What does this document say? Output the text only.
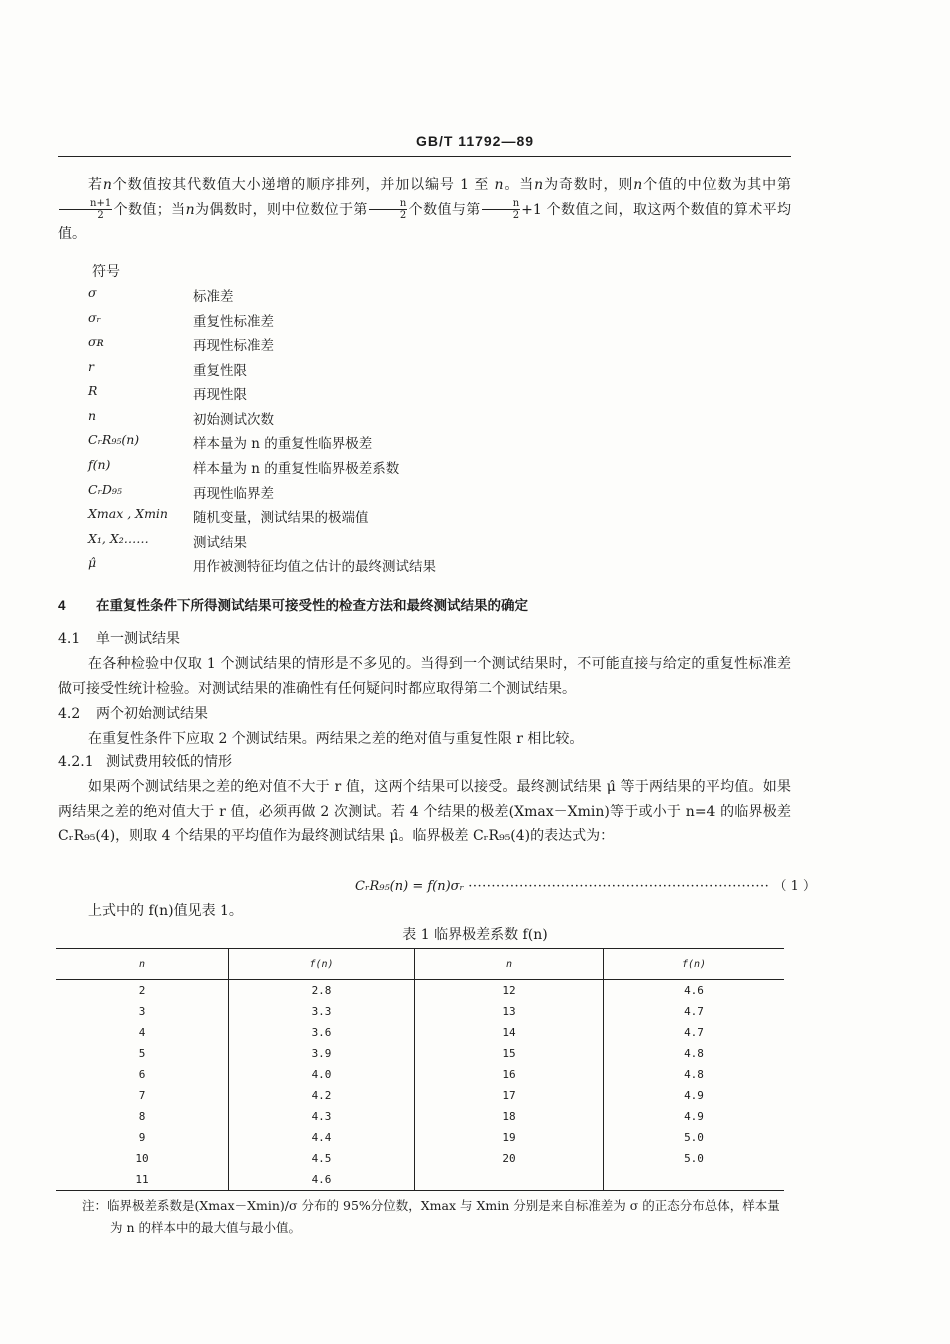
GB/T 11792—89
若n个数值按其代数值大小递增的顺序排列，并加以编号 1 至 n。当n为奇数时，则n个值的中位数为其中第
$\frac{n+1}{2}$ 个数值；当n为偶数时，则中位数位于第 $\frac{n}{2}$ 个数值与第 $\frac{n}{2} +1$ 个数值之间，取这两个数值的算术平均值。
符号
σ	标准差
σᵣ	重复性标准差
σʀ	再现性标准差
r	重复性限
R	再现性限
n	初始测试次数
CᵣR₉₅(n)	样本量为 n 的重复性临界极差
f(n)	样本量为 n 的重复性临界极差系数
CᵣD₉₅	再现性临界差
Xmax , Xmin	随机变量，测试结果的极端值
X₁, X₂……	测试结果
μ̂	用作被测特征均值之估计的最终测试结果
4 在重复性条件下所得测试结果可接受性的检查方法和最终测试结果的确定
4.1 单一测试结果
在各种检验中仅取 1 个测试结果的情形是不多见的。当得到一个测试结果时，不可能直接与给定的重复性标准差做可接受性统计检验。对测试结果的准确性有任何疑问时都应取得第二个测试结果。
4.2 两个初始测试结果
在重复性条件下应取 2 个测试结果。两结果之差的绝对值与重复性限 r 相比较。
4.2.1 测试费用较低的情形
如果两个测试结果之差的绝对值不大于 r 值，这两个结果可以接受。最终测试结果 μ̂ 等于两结果的平均值。如果两结果之差的绝对值大于 r 值，必须再做 2 次测试。若 4 个结果的极差(Xmax－Xmin)等于或小于 n=4 的临界极差 CᵣR₉₅(4)，则取 4 个结果的平均值作为最终测试结果 μ̂。临界极差 CᵣR₉₅(4)的表达式为：
CᵣR₉₅(n) = f(n)σᵣ ································································· （ 1 ）
上式中的 f(n)值见表 1。
表 1 临界极差系数 f(n)
n	f(n)	n	f(n)
2	2.8	12	4.6
3	3.3	13	4.7
4	3.6	14	4.7
5	3.9	15	4.8
6	4.0	16	4.8
7	4.2	17	4.9
8	4.3	18	4.9
9	4.4	19	5.0
10	4.5	20	5.0
11	4.6		
注：临界极差系数是(Xmax－Xmin)/σ 分布的 95%分位数，Xmax 与 Xmin 分别是来自标准差为 σ 的正态分布总体，样本量
为 n 的样本中的最大值与最小值。
